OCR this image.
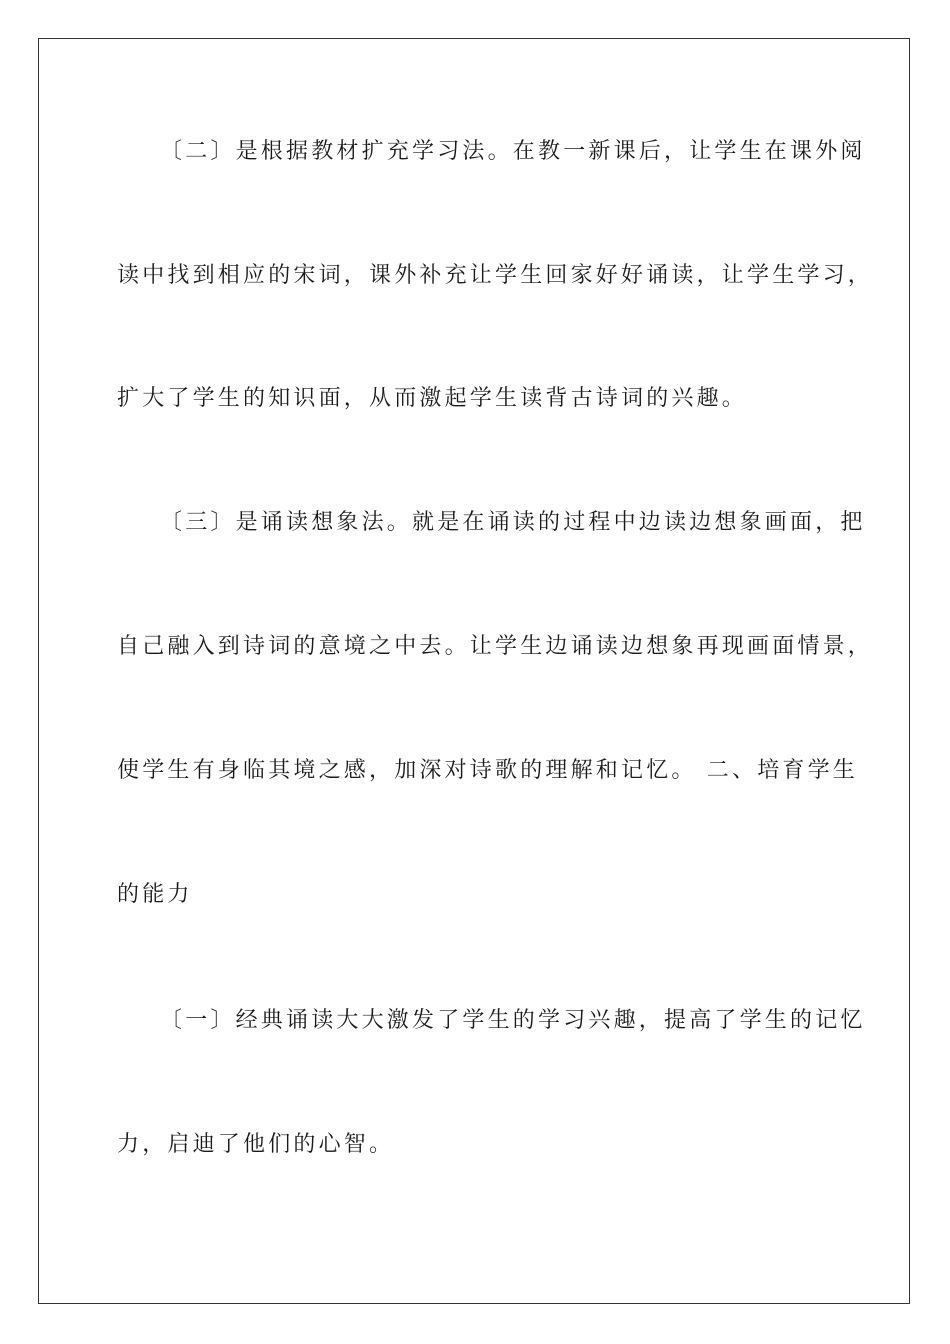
〔二〕是根据教材扩充学习法。在教一新课后，让学生在课外阅
读中找到相应的宋词，课外补充让学生回家好好诵读，让学生学习，
扩大了学生的知识面，从而激起学生读背古诗词的兴趣。
〔三〕是诵读想象法。就是在诵读的过程中边读边想象画面，把
自己融入到诗词的意境之中去。让学生边诵读边想象再现画面情景，
使学生有身临其境之感，加深对诗歌的理解和记忆。 二、培育学生
的能力
〔一〕经典诵读大大激发了学生的学习兴趣，提高了学生的记忆
力，启迪了他们的心智。
